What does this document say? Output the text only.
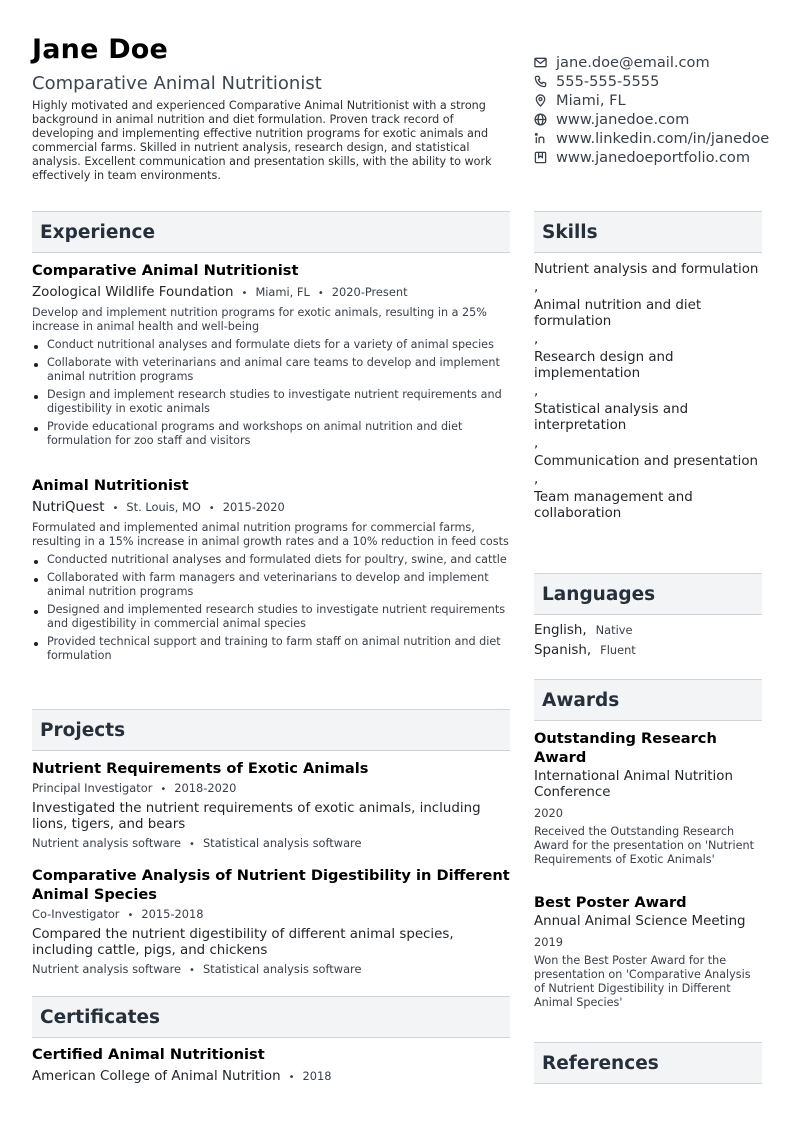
Jane Doe
Comparative Animal Nutritionist
Highly motivated and experienced Comparative Animal Nutritionist with a strong background in animal nutrition and diet formulation. Proven track record of developing and implementing effective nutrition programs for exotic animals and commercial farms. Skilled in nutrient analysis, research design, and statistical analysis. Excellent communication and presentation skills, with the ability to work effectively in team environments.
jane.doe@email.com
555-555-5555
Miami, FL
www.janedoe.com
www.linkedin.com/in/janedoe
www.janedoeportfolio.com
Experience
Comparative Animal Nutritionist
Zoological Wildlife Foundation • Miami, FL • 2020-Present
Develop and implement nutrition programs for exotic animals, resulting in a 25% increase in animal health and well-being
Conduct nutritional analyses and formulate diets for a variety of animal species
Collaborate with veterinarians and animal care teams to develop and implement animal nutrition programs
Design and implement research studies to investigate nutrient requirements and digestibility in exotic animals
Provide educational programs and workshops on animal nutrition and diet formulation for zoo staff and visitors
Animal Nutritionist
NutriQuest • St. Louis, MO • 2015-2020
Formulated and implemented animal nutrition programs for commercial farms, resulting in a 15% increase in animal growth rates and a 10% reduction in feed costs
Conducted nutritional analyses and formulated diets for poultry, swine, and cattle
Collaborated with farm managers and veterinarians to develop and implement animal nutrition programs
Designed and implemented research studies to investigate nutrient requirements and digestibility in commercial animal species
Provided technical support and training to farm staff on animal nutrition and diet formulation
Projects
Nutrient Requirements of Exotic Animals
Principal Investigator • 2018-2020
Investigated the nutrient requirements of exotic animals, including lions, tigers, and bears
Nutrient analysis software • Statistical analysis software
Comparative Analysis of Nutrient Digestibility in Different Animal Species
Co-Investigator • 2015-2018
Compared the nutrient digestibility of different animal species, including cattle, pigs, and chickens
Nutrient analysis software • Statistical analysis software
Certificates
Certified Animal Nutritionist
American College of Animal Nutrition • 2018
Skills
Nutrient analysis and formulation
,
Animal nutrition and diet formulation
,
Research design and implementation
,
Statistical analysis and interpretation
,
Communication and presentation
,
Team management and collaboration
Languages
English, Native
Spanish, Fluent
Awards
Outstanding Research Award
International Animal Nutrition Conference
2020
Received the Outstanding Research Award for the presentation on 'Nutrient Requirements of Exotic Animals'
Best Poster Award
Annual Animal Science Meeting
2019
Won the Best Poster Award for the presentation on 'Comparative Analysis of Nutrient Digestibility in Different Animal Species'
References
